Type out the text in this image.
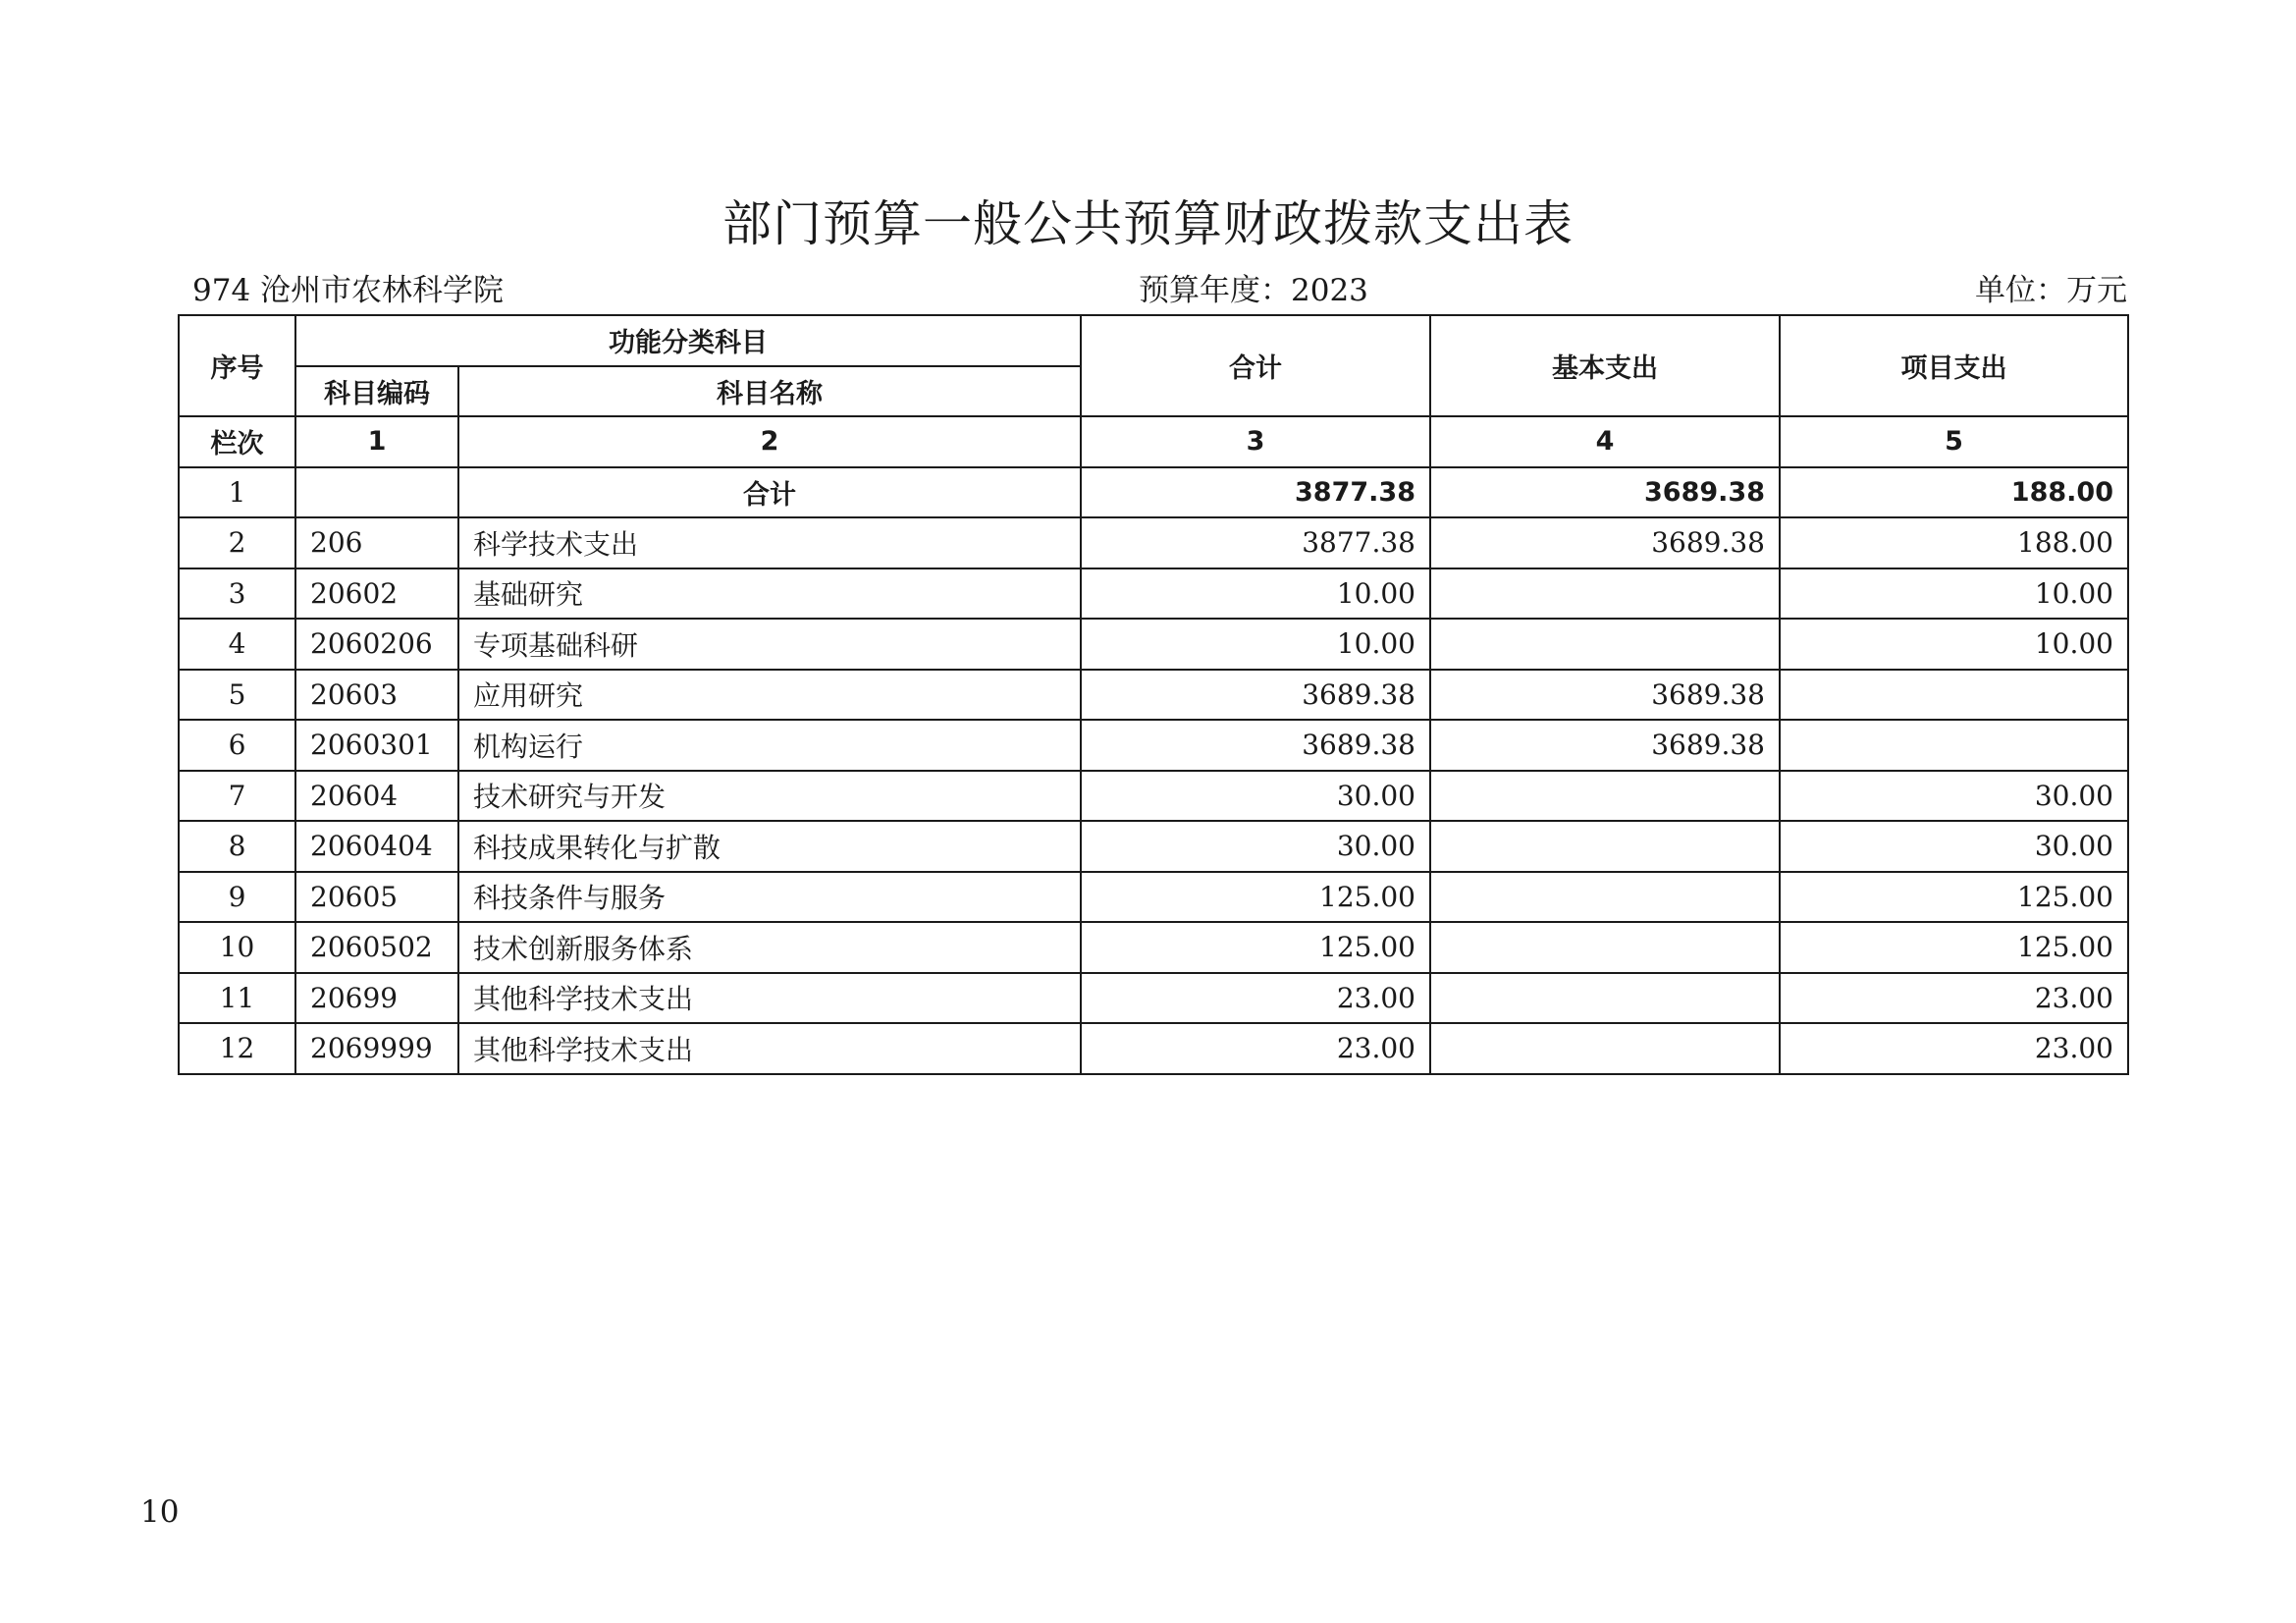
部门预算一般公共预算财政拨款支出表
974 沧州市农林科学院	预算年度：2023	单位：万元
序号	功能分类科目		合计	基本支出	项目支出
	科目编码	科目名称			
栏次	1	2	3	4	5
1		合计	3877.38	3689.38	188.00
2	206	科学技术支出	3877.38	3689.38	188.00
3	20602	基础研究	10.00		10.00
4	2060206	专项基础科研	10.00		10.00
5	20603	应用研究	3689.38	3689.38	
6	2060301	机构运行	3689.38	3689.38	
7	20604	技术研究与开发	30.00		30.00
8	2060404	科技成果转化与扩散	30.00		30.00
9	20605	科技条件与服务	125.00		125.00
10	2060502	技术创新服务体系	125.00		125.00
11	20699	其他科学技术支出	23.00		23.00
12	2069999	其他科学技术支出	23.00		23.00
10
